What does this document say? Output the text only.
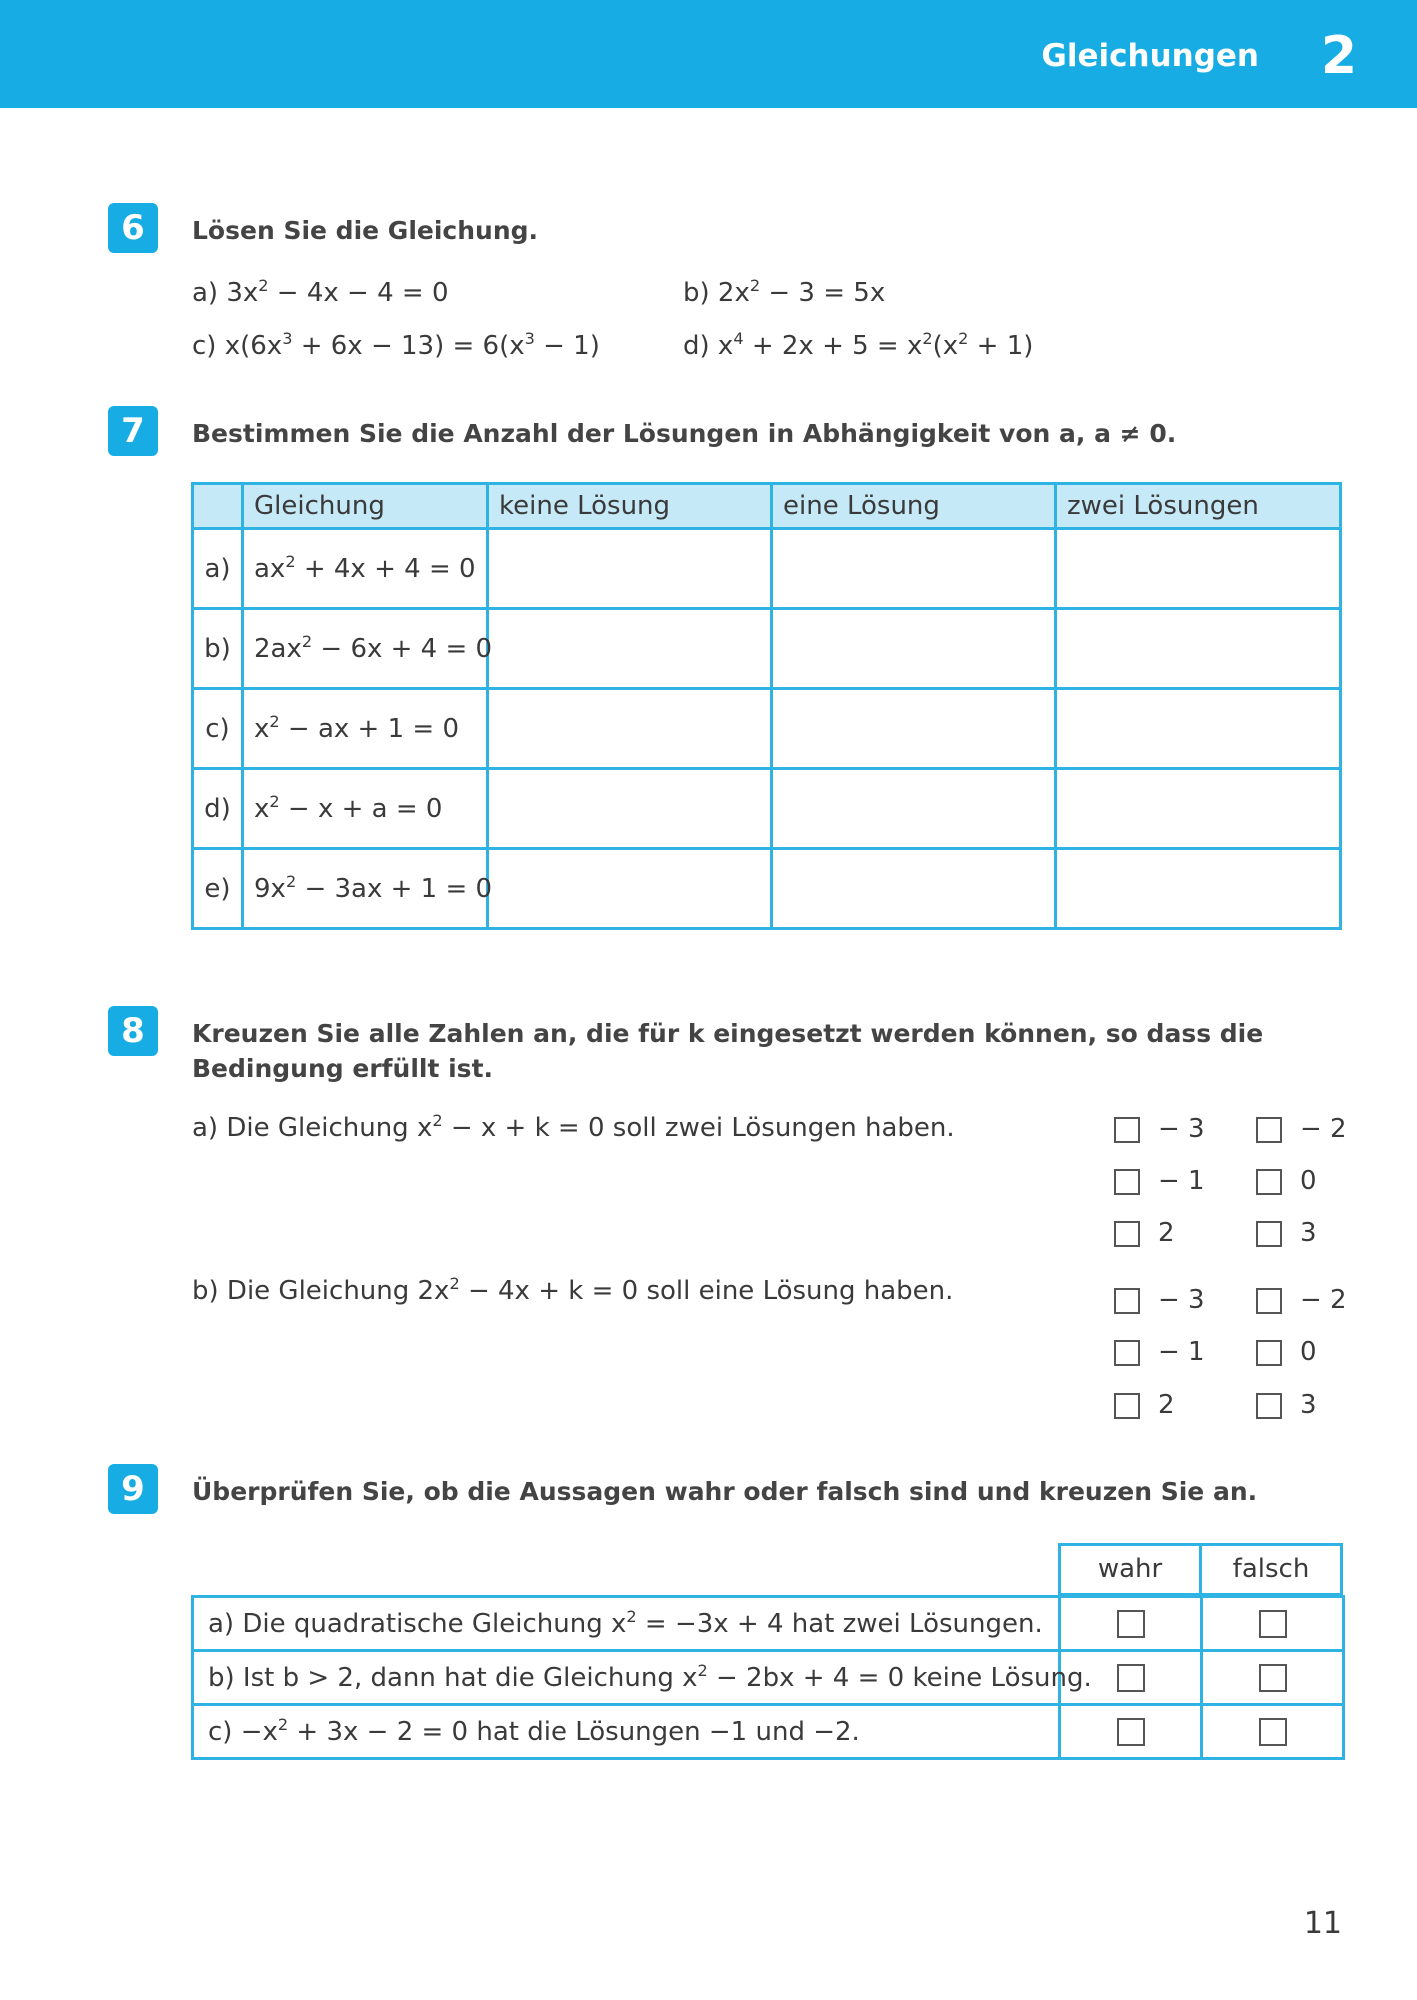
Gleichungen 2
6	Lösen Sie die Gleichung.
a) $3x^2 - 4x - 4 = 0$	b) $2x^2 - 3 = 5x$
c) $x(6x^3 + 6x - 13) = 6(x^3 - 1)$	d) $x^4 + 2x + 5 = x^2(x^2 + 1)$
7	Bestimmen Sie die Anzahl der Lösungen in Abhängigkeit von a, a ≠ 0.
	Gleichung	keine Lösung	eine Lösung	zwei Lösungen
a)	$ax^2 + 4x + 4 = 0$			
b)	$2ax^2 - 6x + 4 = 0$			
c)	$x^2$ − ax + 1 = 0			
d)	$x^2 - x + a = 0$			
e)	$9x^2 - 3ax + 1 = 0$			
8	Kreuzen Sie alle Zahlen an, die für k eingesetzt werden können, so dass die Bedingung erfüllt ist.
a) Die Gleichung $x^2 - x + k = 0$ soll zwei Lösungen haben.	− 3	− 2
− 1	0
2	3
b) Die Gleichung $2x^2 - 4x + k = 0$ soll eine Lösung haben.	− 3	− 2
− 1	0
2	3
9	Überprüfen Sie, ob die Aussagen wahr oder falsch sind und kreuzen Sie an.
wahr	falsch
a) Die quadratische Gleichung $x^2 = -3x + 4$ hat zwei Lösungen.		
b) Ist b > 2, dann hat die Gleichung $x^2 - 2bx + 4 = 0$ keine Lösung.		
$c) -x^2 + 3x - 2 = 0$ hat die Lösungen −1 und −2.		
11
